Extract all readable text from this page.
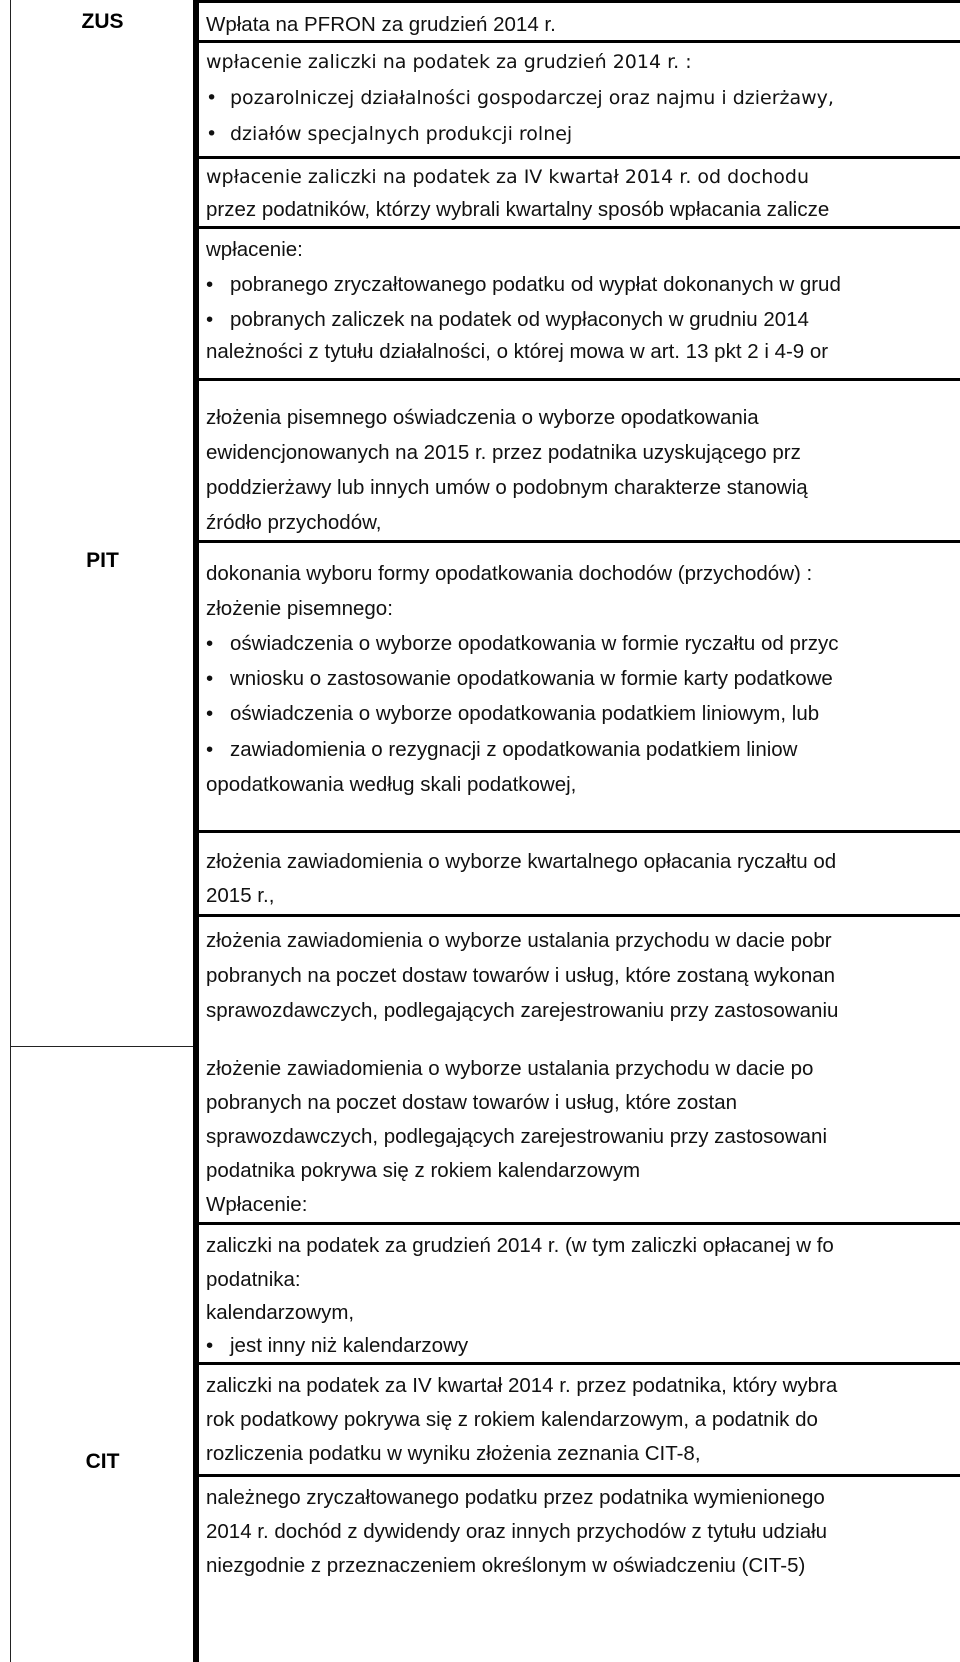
ZUS
PIT
CIT
Wpłata na PFRON za grudzień 2014 r.
wpłacenie zaliczki na podatek za grudzień 2014 r. :
• pozarolniczej działalności gospodarczej oraz najmu i dzierżawy,
• działów specjalnych produkcji rolnej
wpłacenie zaliczki na podatek za IV kwartał 2014 r. od dochodu
przez podatników, którzy wybrali kwartalny sposób wpłacania zalicze
wpłacenie:
• pobranego zryczałtowanego podatku od wypłat dokonanych w grud
• pobranych zaliczek na podatek od wypłaconych w grudniu 2014
należności z tytułu działalności, o której mowa w art. 13 pkt 2 i 4-9 or
złożenia pisemnego oświadczenia o wyborze opodatkowania
ewidencjonowanych na 2015 r. przez podatnika uzyskującego prz
poddzierżawy lub innych umów o podobnym charakterze stanowią
źródło przychodów,
dokonania wyboru formy opodatkowania dochodów (przychodów) :
złożenie pisemnego:
• oświadczenia o wyborze opodatkowania w formie ryczałtu od przyc
• wniosku o zastosowanie opodatkowania w formie karty podatkowe
• oświadczenia o wyborze opodatkowania podatkiem liniowym, lub
• zawiadomienia o rezygnacji z opodatkowania podatkiem liniow
opodatkowania według skali podatkowej,
złożenia zawiadomienia o wyborze kwartalnego opłacania ryczałtu od
2015 r.,
złożenia zawiadomienia o wyborze ustalania przychodu w dacie pobr
pobranych na poczet dostaw towarów i usług, które zostaną wykonan
sprawozdawczych, podlegających zarejestrowaniu przy zastosowaniu
złożenie zawiadomienia o wyborze ustalania przychodu w dacie po
pobranych na poczet dostaw towarów i usług, które zostan
sprawozdawczych, podlegających zarejestrowaniu przy zastosowani
podatnika pokrywa się z rokiem kalendarzowym
Wpłacenie:
zaliczki na podatek za grudzień 2014 r. (w tym zaliczki opłacanej w fo
podatnika:
kalendarzowym,
• jest inny niż kalendarzowy
zaliczki na podatek za IV kwartał 2014 r. przez podatnika, który wybra
rok podatkowy pokrywa się z rokiem kalendarzowym, a podatnik do
rozliczenia podatku w wyniku złożenia zeznania CIT-8,
należnego zryczałtowanego podatku przez podatnika wymienionego
2014 r. dochód z dywidendy oraz innych przychodów z tytułu udziału
niezgodnie z przeznaczeniem określonym w oświadczeniu (CIT-5)
